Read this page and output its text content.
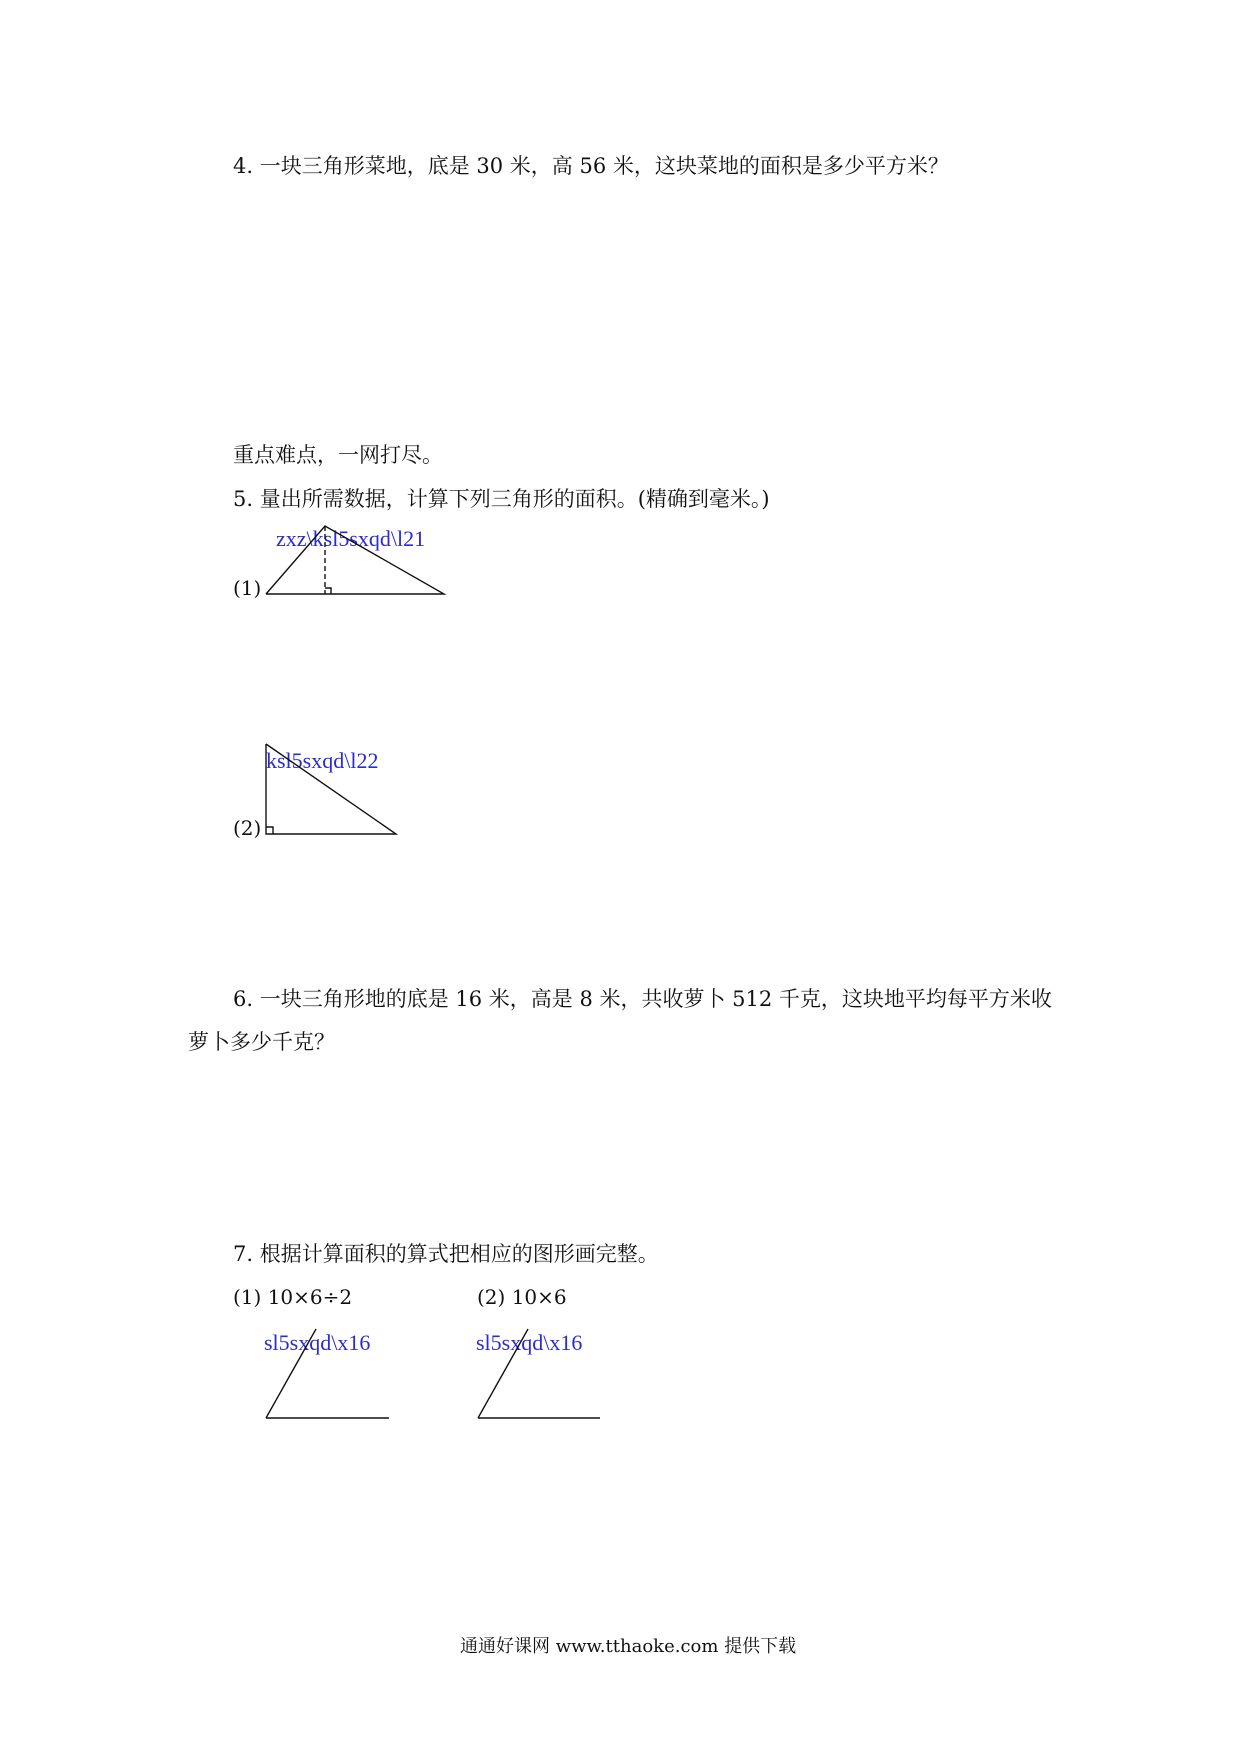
4. 一块三角形菜地，底是 30 米，高 56 米，这块菜地的面积是多少平方米？
重点难点，一网打尽。
5. 量出所需数据，计算下列三角形的面积。(精确到毫米。)
zxz\ksl5sxqd\l21
(1)
ksl5sxqd\l22
(2)
6. 一块三角形地的底是 16 米，高是 8 米，共收萝卜 512 千克，这块地平均每平方米收
萝卜多少千克？
7. 根据计算面积的算式把相应的图形画完整。
(1) 10×6÷2	(2) 10×6
sl5sxqd\x16	sl5sxqd\x16
通通好课网 www.tthaoke.com 提供下载
